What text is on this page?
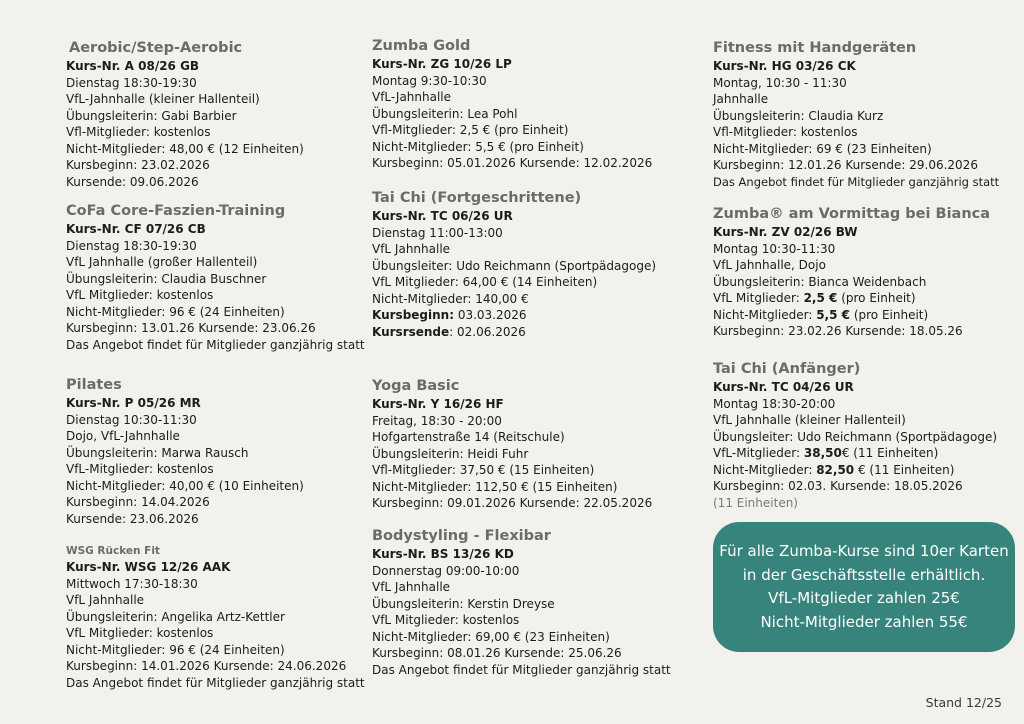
Aerobic/Step-Aerobic
Kurs-Nr. A 08/26 GB
Dienstag 18:30-19:30
VfL-Jahnhalle (kleiner Hallenteil)
Übungsleiterin: Gabi Barbier
Vfl-Mitglieder: kostenlos
Nicht-Mitglieder: 48,00 € (12 Einheiten)
Kursbeginn: 23.02.2026
Kursende: 09.06.2026
CoFa Core-Faszien-Training
Kurs-Nr. CF 07/26 CB
Dienstag 18:30-19:30
VfL Jahnhalle (großer Hallenteil)
Übungsleiterin: Claudia Buschner
VfL Mitglieder: kostenlos
Nicht-Mitglieder: 96 € (24 Einheiten)
Kursbeginn: 13.01.26 Kursende: 23.06.26
Das Angebot findet für Mitglieder ganzjährig statt
Pilates
Kurs-Nr. P 05/26 MR
Dienstag 10:30-11:30
Dojo, VfL-Jahnhalle
Übungsleiterin: Marwa Rausch
VfL-Mitglieder: kostenlos
Nicht-Mitglieder: 40,00 € (10 Einheiten)
Kursbeginn: 14.04.2026
Kursende: 23.06.2026
WSG Rücken Fit
Kurs-Nr. WSG 12/26 AAK
Mittwoch 17:30-18:30
VfL Jahnhalle
Übungsleiterin: Angelika Artz-Kettler
VfL Mitglieder: kostenlos
Nicht-Mitglieder: 96 € (24 Einheiten)
Kursbeginn: 14.01.2026 Kursende: 24.06.2026
Das Angebot findet für Mitglieder ganzjährig statt
Zumba Gold
Kurs-Nr. ZG 10/26 LP
Montag 9:30-10:30
VfL-Jahnhalle
Übungsleiterin: Lea Pohl
Vfl-Mitglieder: 2,5 € (pro Einheit)
Nicht-Mitglieder: 5,5 € (pro Einheit)
Kursbeginn: 05.01.2026 Kursende: 12.02.2026
Tai Chi (Fortgeschrittene)
Kurs-Nr. TC 06/26 UR
Dienstag 11:00-13:00
VfL Jahnhalle
Übungsleiter: Udo Reichmann (Sportpädagoge)
VfL Mitglieder: 64,00 € (14 Einheiten)
Nicht-Mitglieder: 140,00 €
Kursbeginn: 03.03.2026
Kursrsende: 02.06.2026
Yoga Basic
Kurs-Nr. Y 16/26 HF
Freitag, 18:30 - 20:00
Hofgartenstraße 14 (Reitschule)
Übungsleiterin: Heidi Fuhr
Vfl-Mitglieder: 37,50 € (15 Einheiten)
Nicht-Mitglieder: 112,50 € (15 Einheiten)
Kursbeginn: 09.01.2026 Kursende: 22.05.2026
Bodystyling - Flexibar
Kurs-Nr. BS 13/26 KD
Donnerstag 09:00-10:00
VfL Jahnhalle
Übungsleiterin: Kerstin Dreyse
VfL Mitglieder: kostenlos
Nicht-Mitglieder: 69,00 € (23 Einheiten)
Kursbeginn: 08.01.26 Kursende: 25.06.26
Das Angebot findet für Mitglieder ganzjährig statt
Fitness mit Handgeräten
Kurs-Nr. HG 03/26 CK
Montag, 10:30 - 11:30
Jahnhalle
Übungsleiterin: Claudia Kurz
Vfl-Mitglieder: kostenlos
Nicht-Mitglieder: 69 € (23 Einheiten)
Kursbeginn: 12.01.26 Kursende: 29.06.2026
Das Angebot findet für Mitglieder ganzjährig statt
Zumba® am Vormittag bei Bianca
Kurs-Nr. ZV 02/26 BW
Montag 10:30-11:30
VfL Jahnhalle, Dojo
Übungsleiterin: Bianca Weidenbach
VfL Mitglieder: 2,5 € (pro Einheit)
Nicht-Mitglieder: 5,5 € (pro Einheit)
Kursbeginn: 23.02.26 Kursende: 18.05.26
Tai Chi (Anfänger)
Kurs-Nr. TC 04/26 UR
Montag 18:30-20:00
VfL Jahnhalle (kleiner Hallenteil)
Übungsleiter: Udo Reichmann (Sportpädagoge)
VfL-Mitglieder: 38,50€ (11 Einheiten)
Nicht-Mitglieder: 82,50 € (11 Einheiten)
Kursbeginn: 02.03. Kursende: 18.05.2026
(11 Einheiten)
Für alle Zumba-Kurse sind 10er Karten
in der Geschäftsstelle erhältlich.
VfL-Mitglieder zahlen 25€
Nicht-Mitglieder zahlen 55€
Stand 12/25
